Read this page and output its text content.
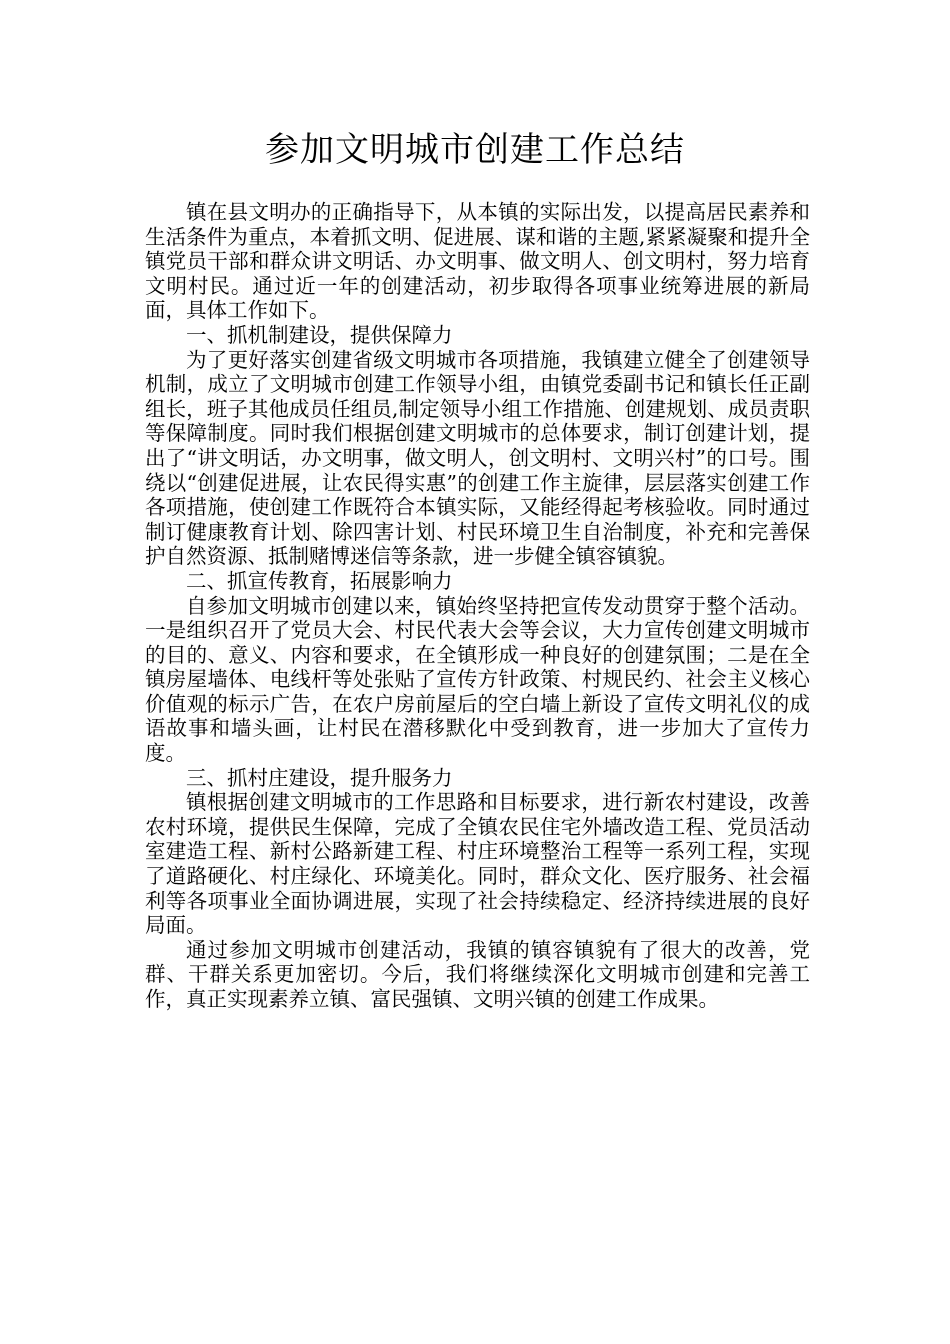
参加文明城市创建工作总结

镇在县文明办的正确指导下，从本镇的实际出发，以提高居民素养和生活条件为重点，本着抓文明、促进展、谋和谐的主题,紧紧凝聚和提升全镇党员干部和群众讲文明话、办文明事、做文明人、创文明村，努力培育文明村民。通过近一年的创建活动，初步取得各项事业统筹进展的新局面，具体工作如下。

一、抓机制建设，提供保障力

为了更好落实创建省级文明城市各项措施，我镇建立健全了创建领导机制，成立了文明城市创建工作领导小组，由镇党委副书记和镇长任正副组长，班子其他成员任组员,制定领导小组工作措施、创建规划、成员责职等保障制度。同时我们根据创建文明城市的总体要求，制订创建计划，提出了“讲文明话，办文明事，做文明人，创文明村、文明兴村”的口号。围绕以“创建促进展，让农民得实惠”的创建工作主旋律，层层落实创建工作各项措施，使创建工作既符合本镇实际，又能经得起考核验收。同时通过制订健康教育计划、除四害计划、村民环境卫生自治制度，补充和完善保护自然资源、抵制赌博迷信等条款，进一步健全镇容镇貌。

二、抓宣传教育，拓展影响力

自参加文明城市创建以来，镇始终坚持把宣传发动贯穿于整个活动。一是组织召开了党员大会、村民代表大会等会议，大力宣传创建文明城市的目的、意义、内容和要求，在全镇形成一种良好的创建氛围；二是在全镇房屋墙体、电线杆等处张贴了宣传方针政策、村规民约、社会主义核心价值观的标示广告，在农户房前屋后的空白墙上新设了宣传文明礼仪的成语故事和墙头画，让村民在潜移默化中受到教育，进一步加大了宣传力度。

三、抓村庄建设，提升服务力

镇根据创建文明城市的工作思路和目标要求，进行新农村建设，改善农村环境，提供民生保障，完成了全镇农民住宅外墙改造工程、党员活动室建造工程、新村公路新建工程、村庄环境整治工程等一系列工程，实现了道路硬化、村庄绿化、环境美化。同时，群众文化、医疗服务、社会福利等各项事业全面协调进展，实现了社会持续稳定、经济持续进展的良好局面。

通过参加文明城市创建活动，我镇的镇容镇貌有了很大的改善，党群、干群关系更加密切。今后，我们将继续深化文明城市创建和完善工作，真正实现素养立镇、富民强镇、文明兴镇的创建工作成果。
